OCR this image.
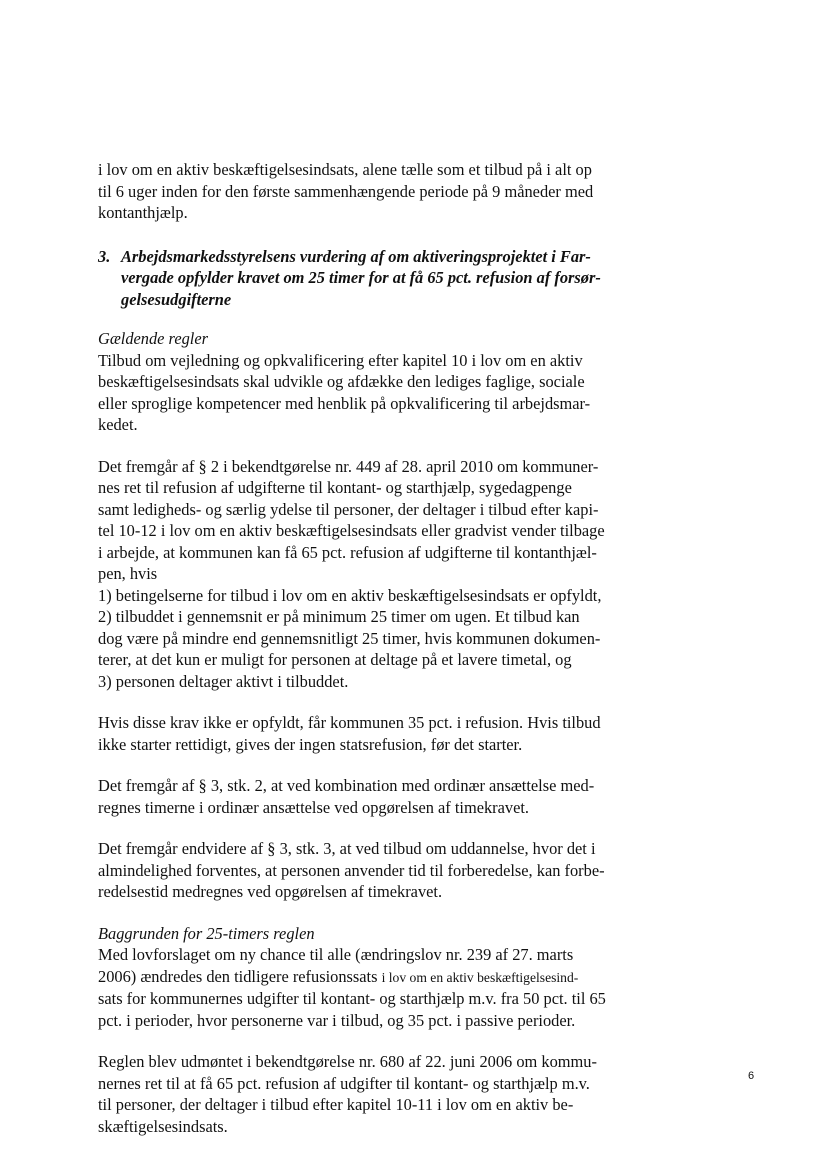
i lov om en aktiv beskæftigelsesindsats, alene tælle som et tilbud på i alt op
til 6 uger inden for den første sammenhængende periode på 9 måneder med
kontanthjælp.

3. Arbejdsmarkedsstyrelsens vurdering af om aktiveringsprojektet i Far-
vergade opfylder kravet om 25 timer for at få 65 pct. refusion af forsør-
gelsesudgifterne

Gældende regler
Tilbud om vejledning og opkvalificering efter kapitel 10 i lov om en aktiv
beskæftigelsesindsats skal udvikle og afdække den lediges faglige, sociale
eller sproglige kompetencer med henblik på opkvalificering til arbejdsmar-
kedet.

Det fremgår af § 2 i bekendtgørelse nr. 449 af 28. april 2010 om kommuner-
nes ret til refusion af udgifterne til kontant- og starthjælp, sygedagpenge
samt ledigheds- og særlig ydelse til personer, der deltager i tilbud efter kapi-
tel 10-12 i lov om en aktiv beskæftigelsesindsats eller gradvist vender tilbage
i arbejde, at kommunen kan få 65 pct. refusion af udgifterne til kontanthjæl-
pen, hvis
1) betingelserne for tilbud i lov om en aktiv beskæftigelsesindsats er opfyldt,
2) tilbuddet i gennemsnit er på minimum 25 timer om ugen. Et tilbud kan
dog være på mindre end gennemsnitligt 25 timer, hvis kommunen dokumen-
terer, at det kun er muligt for personen at deltage på et lavere timetal, og
3) personen deltager aktivt i tilbuddet.

Hvis disse krav ikke er opfyldt, får kommunen 35 pct. i refusion. Hvis tilbud
ikke starter rettidigt, gives der ingen statsrefusion, før det starter.

Det fremgår af § 3, stk. 2, at ved kombination med ordinær ansættelse med-
regnes timerne i ordinær ansættelse ved opgørelsen af timekravet.

Det fremgår endvidere af § 3, stk. 3, at ved tilbud om uddannelse, hvor det i
almindelighed forventes, at personen anvender tid til forberedelse, kan forbe-
redelsestid medregnes ved opgørelsen af timekravet.

Baggrunden for 25-timers reglen
Med lovforslaget om ny chance til alle (ændringslov nr. 239 af 27. marts
2006) ændredes den tidligere refusionssats i lov om en aktiv beskæftigelsesind-
sats for kommunernes udgifter til kontant- og starthjælp m.v. fra 50 pct. til 65
pct. i perioder, hvor personerne var i tilbud, og 35 pct. i passive perioder.

Reglen blev udmøntet i bekendtgørelse nr. 680 af 22. juni 2006 om kommu-
nernes ret til at få 65 pct. refusion af udgifter til kontant- og starthjælp m.v.
til personer, der deltager i tilbud efter kapitel 10-11 i lov om en aktiv be-
skæftigelsesindsats.

6
